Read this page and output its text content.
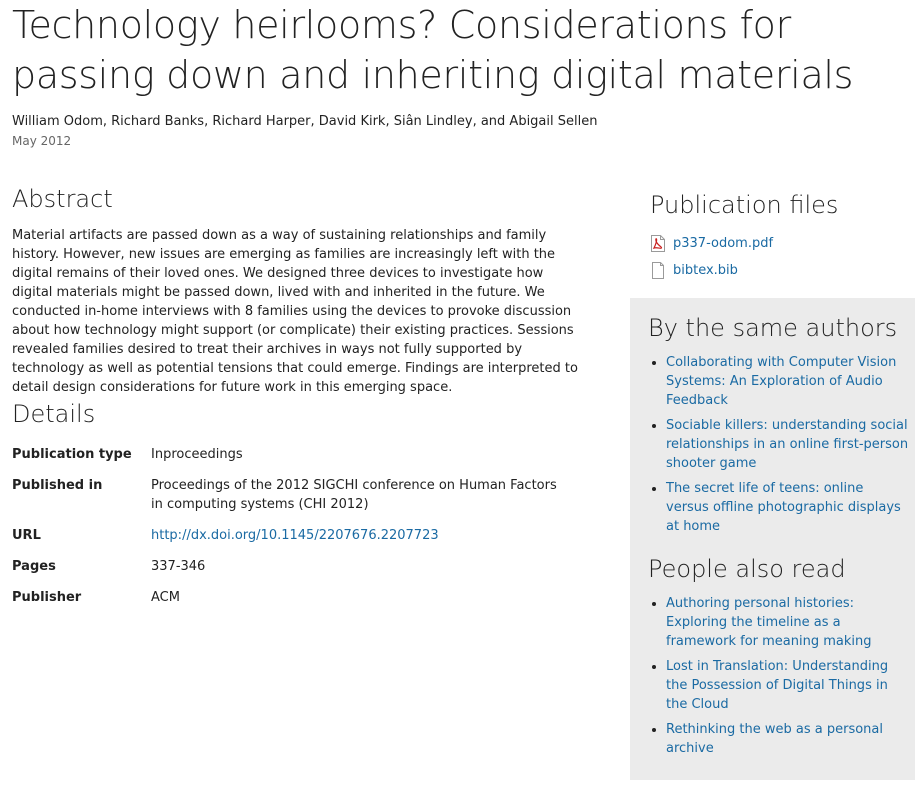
Technology heirlooms? Considerations for passing down and inheriting digital materials
William Odom, Richard Banks, Richard Harper, David Kirk, Siân Lindley, and Abigail Sellen
May 2012
Abstract

Material artifacts are passed down as a way of sustaining relationships and family history. However, new issues are emerging as families are increasingly left with the digital remains of their loved ones. We designed three devices to investigate how digital materials might be passed down, lived with and inherited in the future. We conducted in-home interviews with 8 families using the devices to provoke discussion about how technology might support (or complicate) their existing practices. Sessions revealed families desired to treat their archives in ways not fully supported by technology as well as potential tensions that could emerge. Findings are interpreted to detail design considerations for future work in this emerging space.

Details
Publication type	Inproceedings
Published in	Proceedings of the 2012 SIGCHI conference on Human Factors in computing systems (CHI 2012)
URL	http://dx.doi.org/10.1145/2207676.2207723
Pages	337-346
Publisher	ACM
Publication files
p337-odom.pdf
bibtex.bib
By the same authors
• Collaborating with Computer Vision Systems: An Exploration of Audio Feedback
• Sociable killers: understanding social relationships in an online first-person shooter game
• The secret life of teens: online versus offline photographic displays at home
People also read
• Authoring personal histories: Exploring the timeline as a framework for meaning making
• Lost in Translation: Understanding the Possession of Digital Things in the Cloud
• Rethinking the web as a personal archive
